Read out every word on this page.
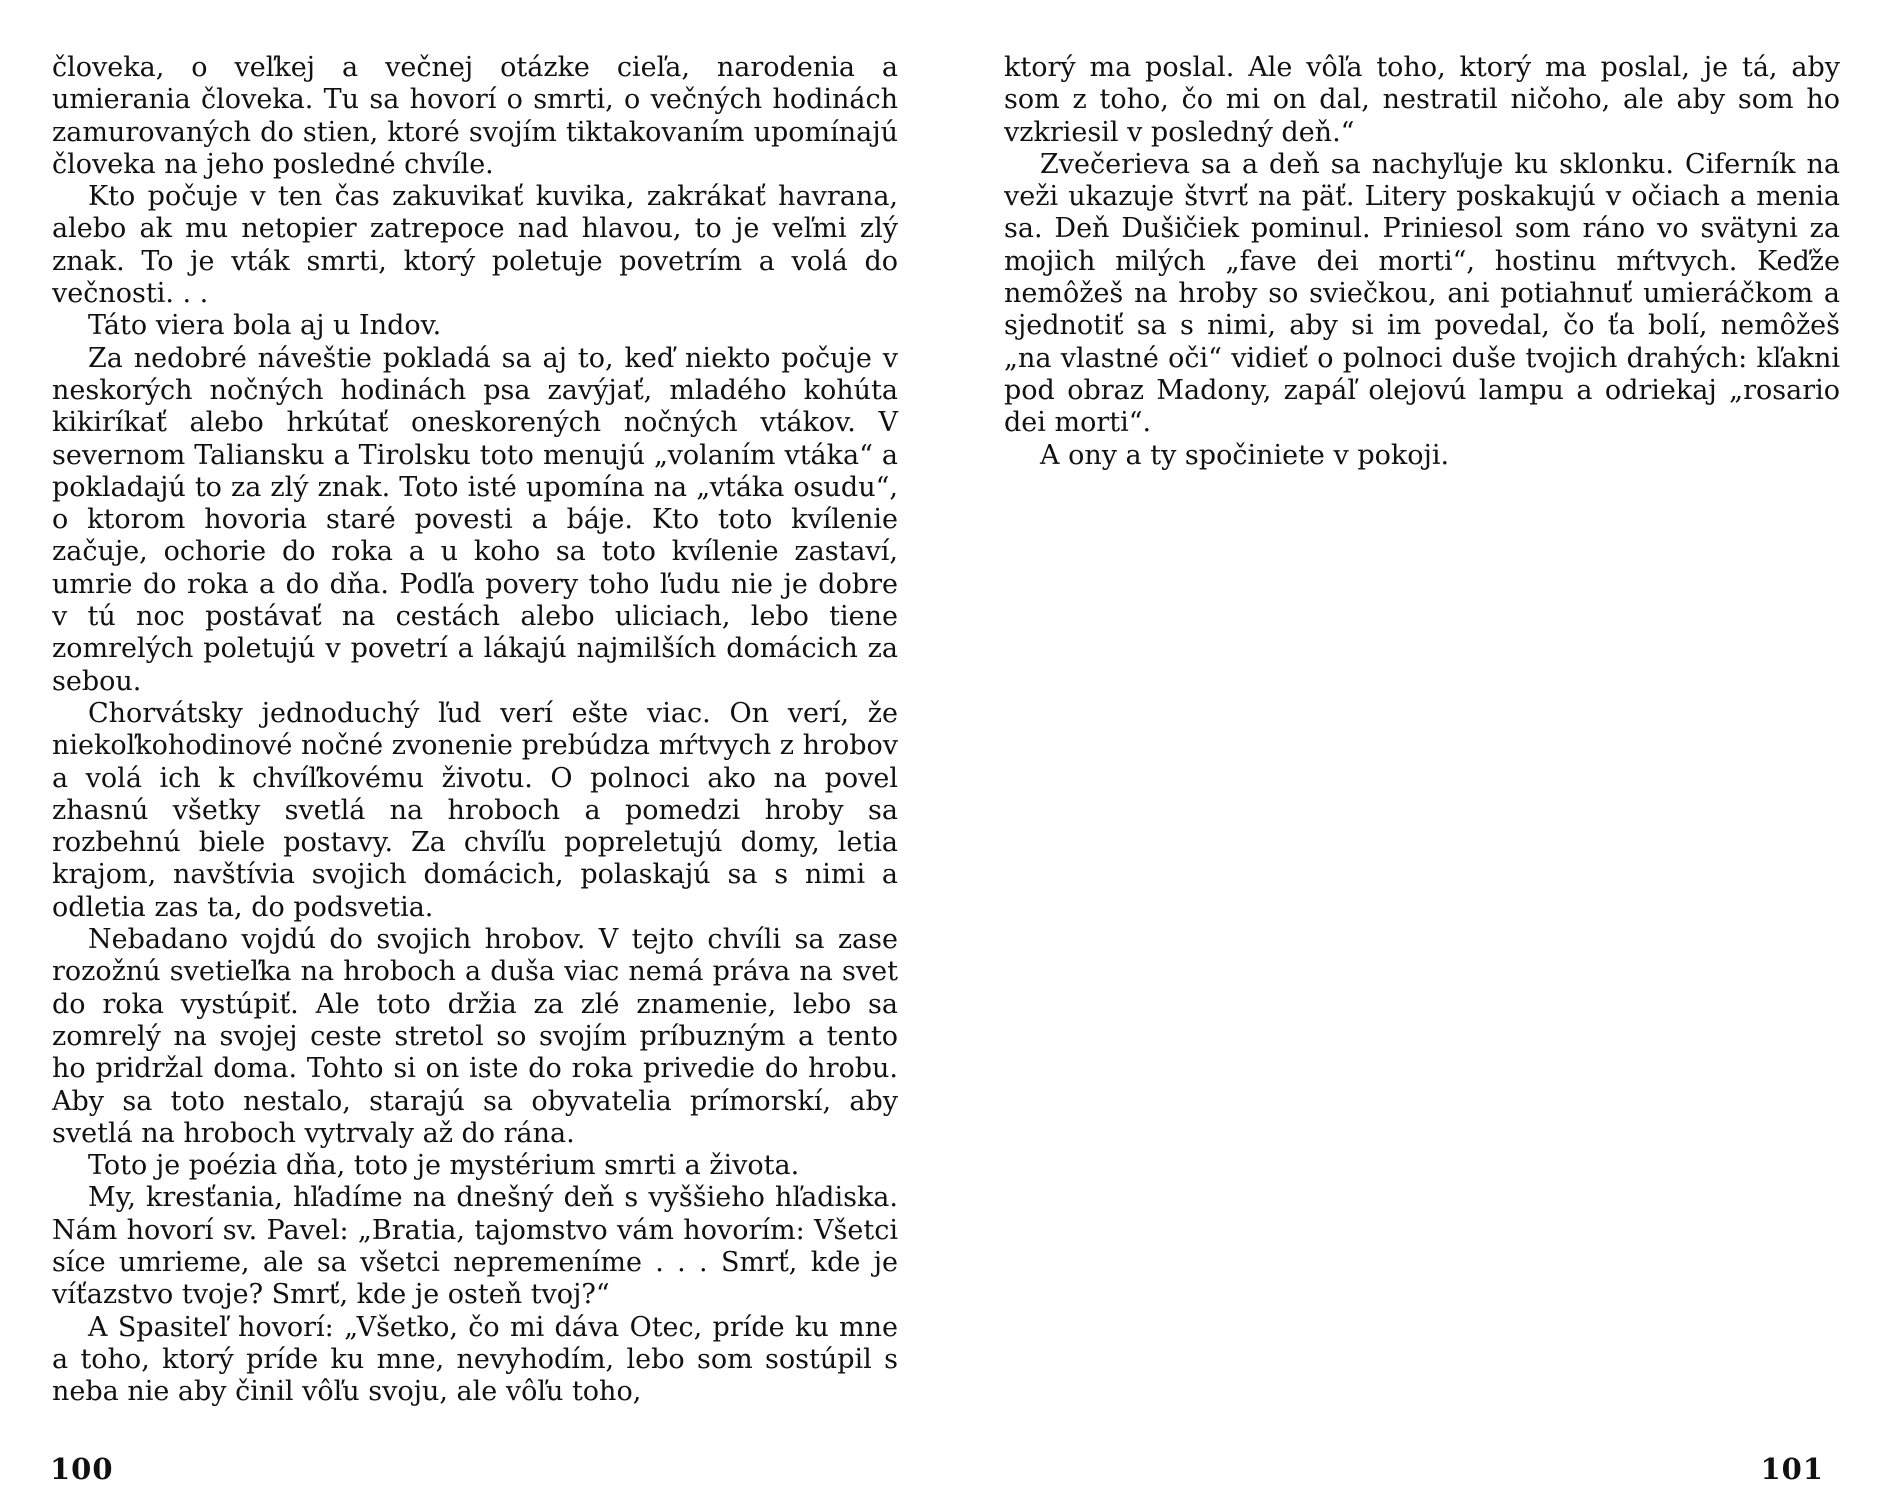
človeka, o veľkej a večnej otázke cieľa, narodenia a umierania človeka. Tu sa hovorí o smrti, o večných hodinách zamurovaných do stien, ktoré svojím tiktakovaním upomínajú človeka na jeho posledné chvíle.

Kto počuje v ten čas zakuvikať kuvika, zakrákať havrana, alebo ak mu netopier zatrepoce nad hlavou, to je veľmi zlý znak. To je vták smrti, ktorý poletuje povetrím a volá do večnosti. . .

Táto viera bola aj u Indov.

Za nedobré náveštie pokladá sa aj to, keď niekto počuje v neskorých nočných hodinách psa zavýjať, mladého kohúta kikiríkať alebo hrkútať oneskorených nočných vtákov. V severnom Taliansku a Tirolsku toto menujú „volaním vtáka“ a pokladajú to za zlý znak. Toto isté upomína na „vtáka osudu“, o ktorom hovoria staré povesti a báje. Kto toto kvílenie začuje, ochorie do roka a u koho sa toto kvílenie zastaví, umrie do roka a do dňa. Podľa povery toho ľudu nie je dobre v tú noc postávať na cestách alebo uliciach, lebo tiene zomrelých poletujú v povetrí a lákajú najmilších domácich za sebou.

Chorvátsky jednoduchý ľud verí ešte viac. On verí, že niekoľkohodinové nočné zvonenie prebúdza mŕtvych z hrobov a volá ich k chvíľkovému životu. O polnoci ako na povel zhasnú všetky svetlá na hroboch a pomedzi hroby sa rozbehnú biele postavy. Za chvíľu popreletujú domy, letia krajom, navštívia svojich domácich, polaskajú sa s nimi a odletia zas ta, do podsvetia.

Nebadano vojdú do svojich hrobov. V tejto chvíli sa zase rozožnú svetieľka na hroboch a duša viac nemá práva na svet do roka vystúpiť. Ale toto držia za zlé znamenie, lebo sa zomrelý na svojej ceste stretol so svojím príbuzným a tento ho pridržal doma. Tohto si on iste do roka privedie do hrobu. Aby sa toto nestalo, starajú sa obyvatelia prímorskí, aby svetlá na hroboch vytrvaly až do rána.

Toto je poézia dňa, toto je mystérium smrti a života.

My, kresťania, hľadíme na dnešný deň s vyššieho hľadiska. Nám hovorí sv. Pavel: „Bratia, tajomstvo vám hovorím: Všetci síce umrieme, ale sa všetci nepremeníme . . . Smrť, kde je víťazstvo tvoje? Smrť, kde je osteň tvoj?“

A Spasiteľ hovorí: „Všetko, čo mi dáva Otec, príde ku mne a toho, ktorý príde ku mne, nevyhodím, lebo som sostúpil s neba nie aby činil vôľu svoju, ale vôľu toho,

100

ktorý ma poslal. Ale vôľa toho, ktorý ma poslal, je tá, aby som z toho, čo mi on dal, nestratil ničoho, ale aby som ho vzkriesil v posledný deň.“

Zvečerieva sa a deň sa nachyľuje ku sklonku. Ciferník na veži ukazuje štvrť na päť. Litery poskakujú v očiach a menia sa. Deň Dušičiek pominul. Priniesol som ráno vo svätyni za mojich milých „fave dei morti“, hostinu mŕtvych. Keďže nemôžeš na hroby so sviečkou, ani potiahnuť umieráčkom a sjednotiť sa s nimi, aby si im povedal, čo ťa bolí, nemôžeš „na vlastné oči“ vidieť o polnoci duše tvojich drahých: kľakni pod obraz Madony, zapáľ olejovú lampu a odriekaj „rosario dei morti“.

A ony a ty spočiniete v pokoji.

101
